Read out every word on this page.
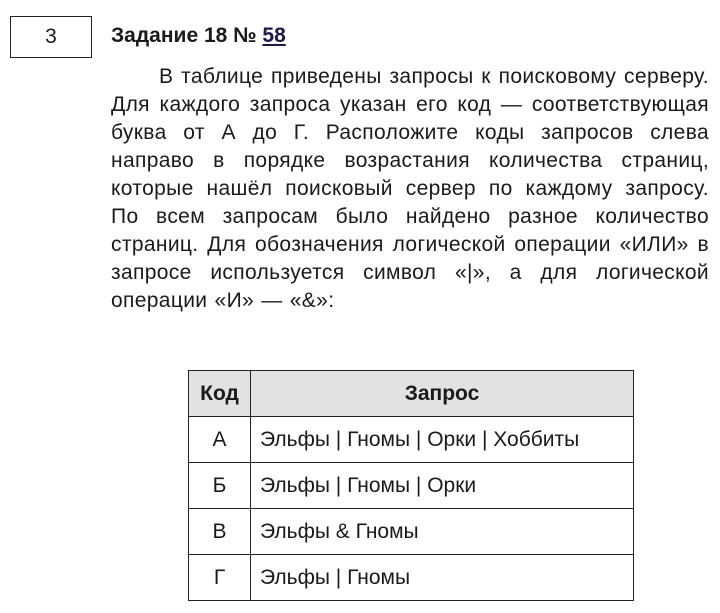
3	Задание 18 № 58
В таблице приведены запросы к поисковому серверу. Для каждого запроса указан его код — соответствующая буква от А до Г. Расположите коды запросов слева направо в порядке возрастания количества страниц, которые нашёл поисковый сервер по каждому запросу. По всем запросам было найдено разное количество страниц. Для обозначения логической операции «ИЛИ» в запросе используется символ «|», а для логической операции «И» — «&»:
Код	Запрос
А	Эльфы | Гномы | Орки | Хоббиты
Б	Эльфы | Гномы | Орки
В	Эльфы & Гномы
Г	Эльфы | Гномы
